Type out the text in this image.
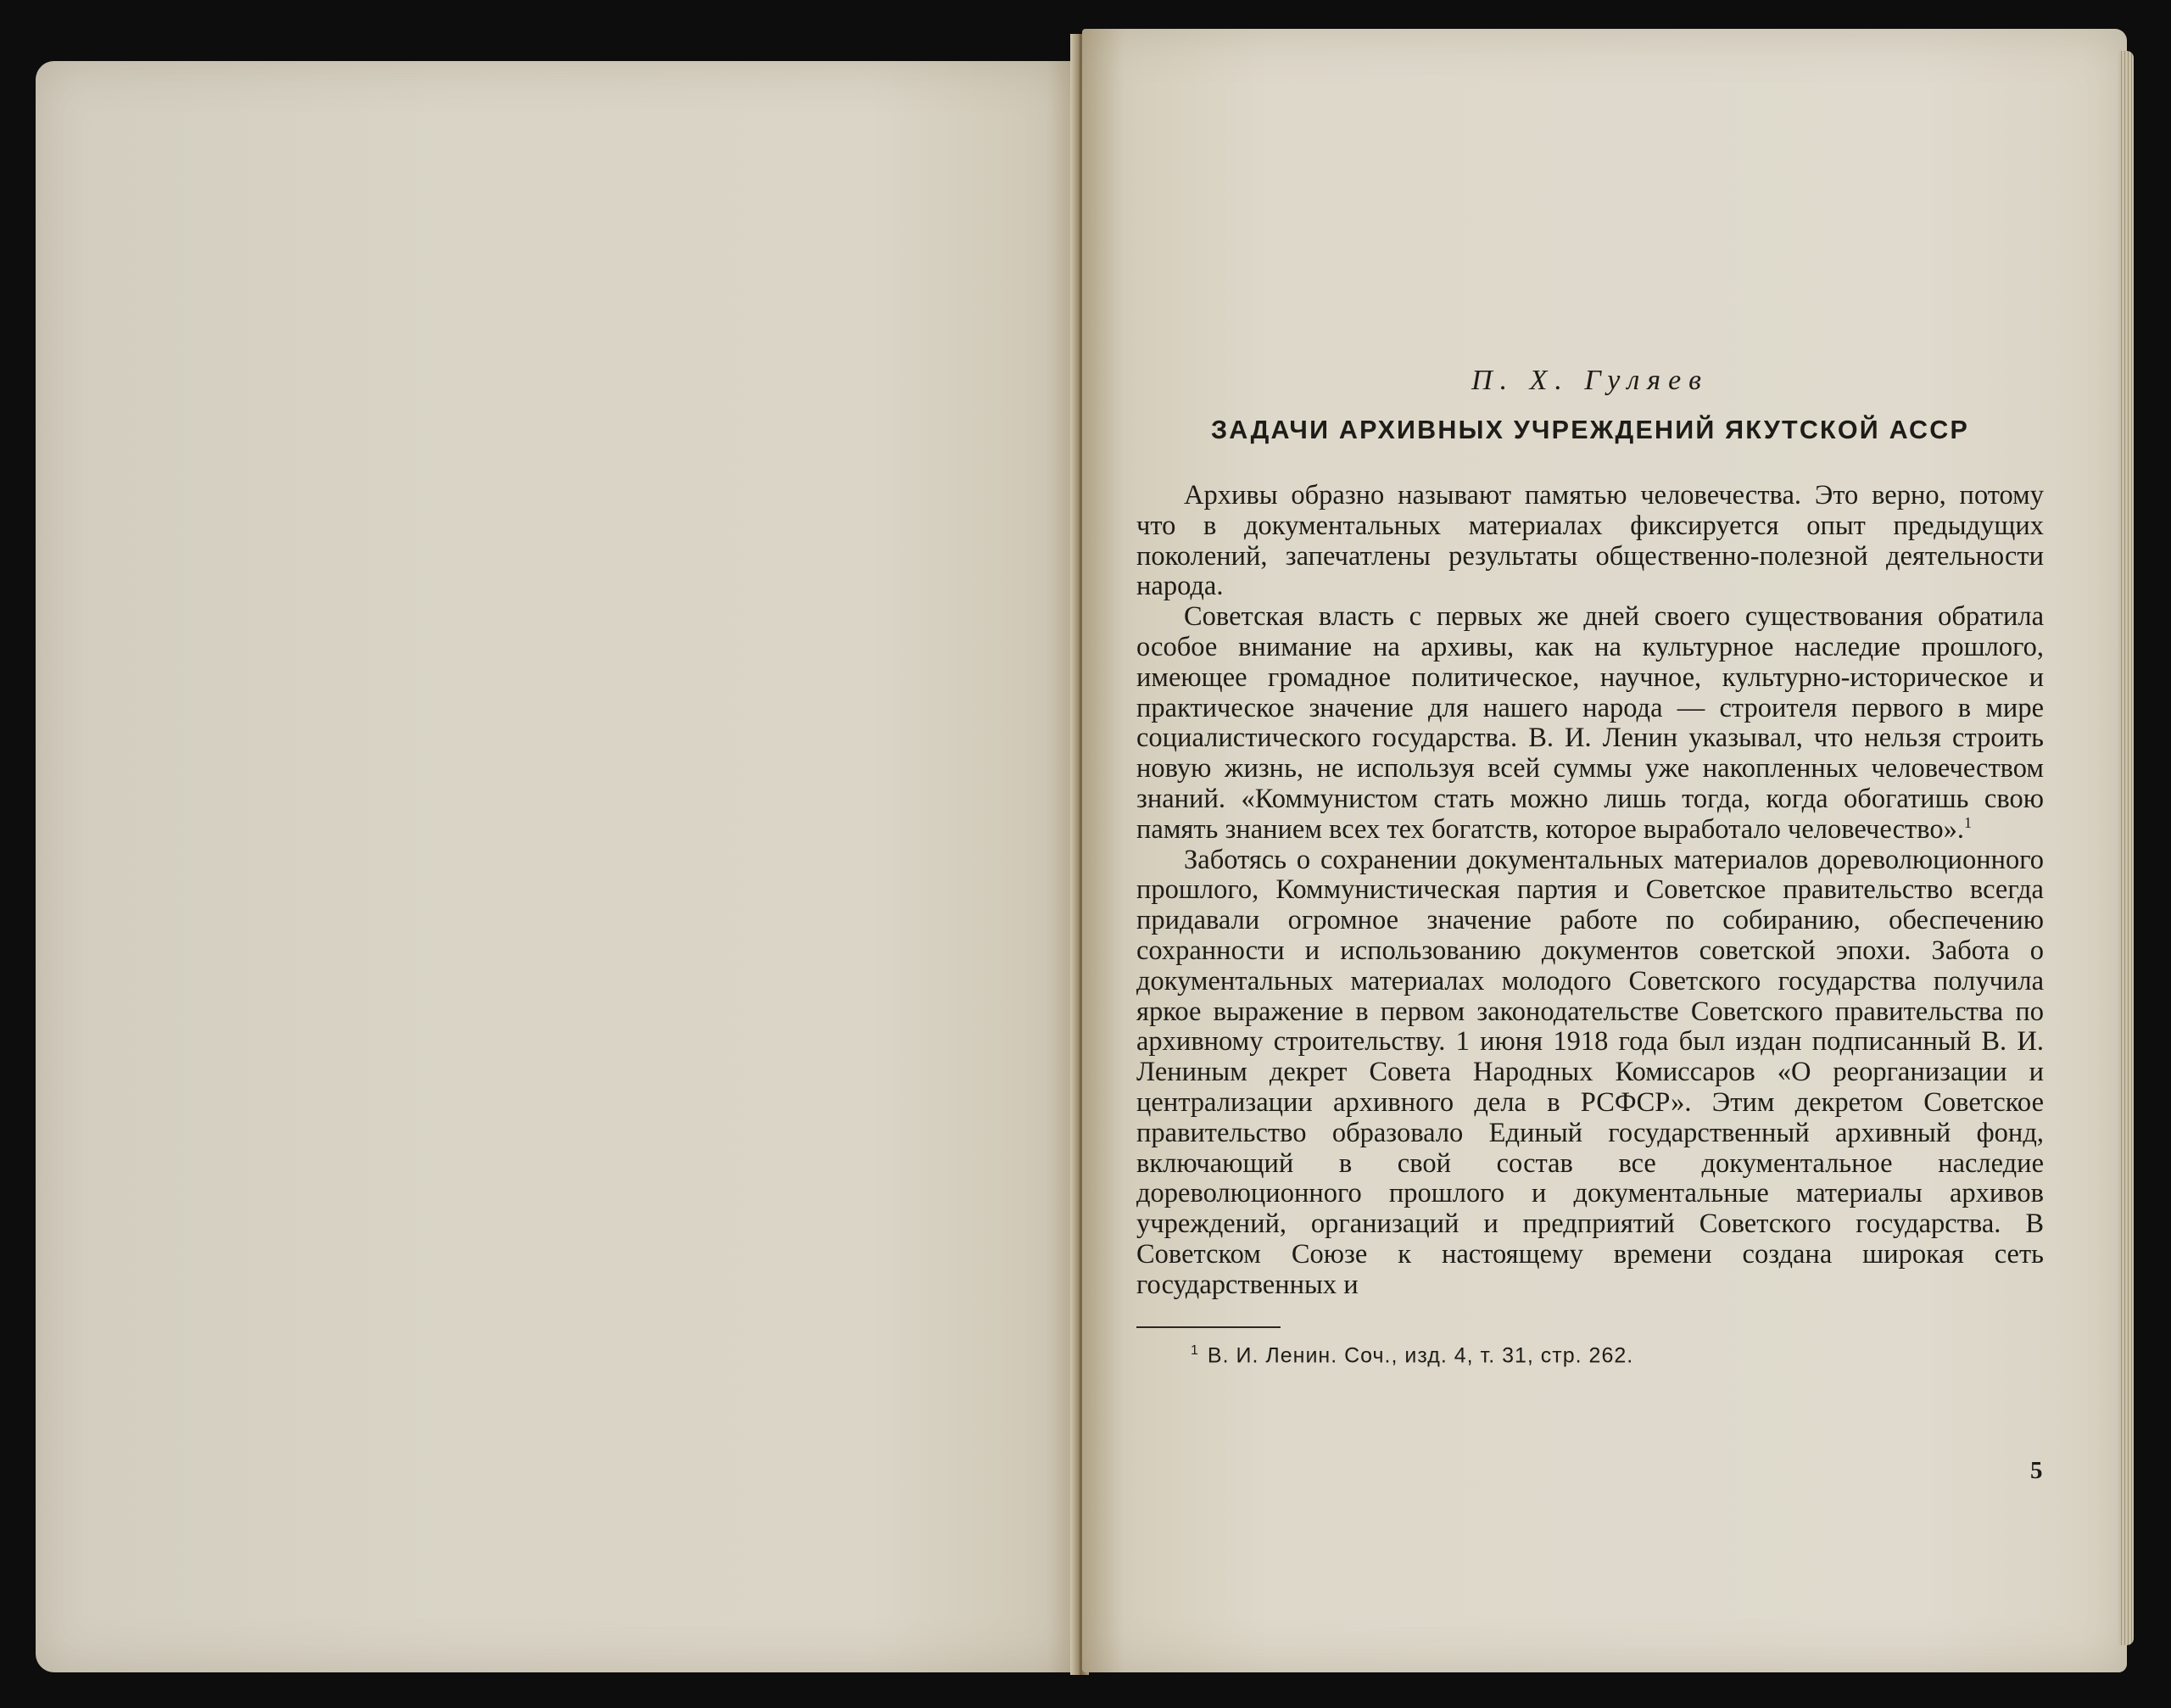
П. Х. Гуляев

ЗАДАЧИ АРХИВНЫХ УЧРЕЖДЕНИЙ ЯКУТСКОЙ АССР

Архивы образно называют памятью человечества. Это верно, потому что в документальных материалах фиксируется опыт предыдущих поколений, запечатлены результаты общественно-полезной деятельности народа.

Советская власть с первых же дней своего существования обратила особое внимание на архивы, как на культурное наследие прошлого, имеющее громадное политическое, научное, культурно-историческое и практическое значение для нашего народа — строителя первого в мире социалистического государства. В. И. Ленин указывал, что нельзя строить новую жизнь, не используя всей суммы уже накопленных человечеством знаний. «Коммунистом стать можно лишь тогда, когда обогатишь свою память знанием всех тех богатств, которое выработало человечество».$^1$

Заботясь о сохранении документальных материалов дореволюционного прошлого, Коммунистическая партия и Советское правительство всегда придавали огромное значение работе по собиранию, обеспечению сохранности и использованию документов советской эпохи. Забота о документальных материалах молодого Советского государства получила яркое выражение в первом законодательстве Советского правительства по архивному строительству. 1 июня 1918 года был издан подписанный В. И. Лениным декрет Совета Народных Комиссаров «О реорганизации и централизации архивного дела в РСФСР». Этим декретом Советское правительство образовало Единый государственный архивный фонд, включающий в свой состав все документальное наследие дореволюционного прошлого и документальные материалы архивов учреждений, организаций и предприятий Советского государства. В Советском Союзе к настоящему времени создана широкая сеть государственных и

$^1$ В. И. Ленин. Соч., изд. 4, т. 31, стр. 262.

5
